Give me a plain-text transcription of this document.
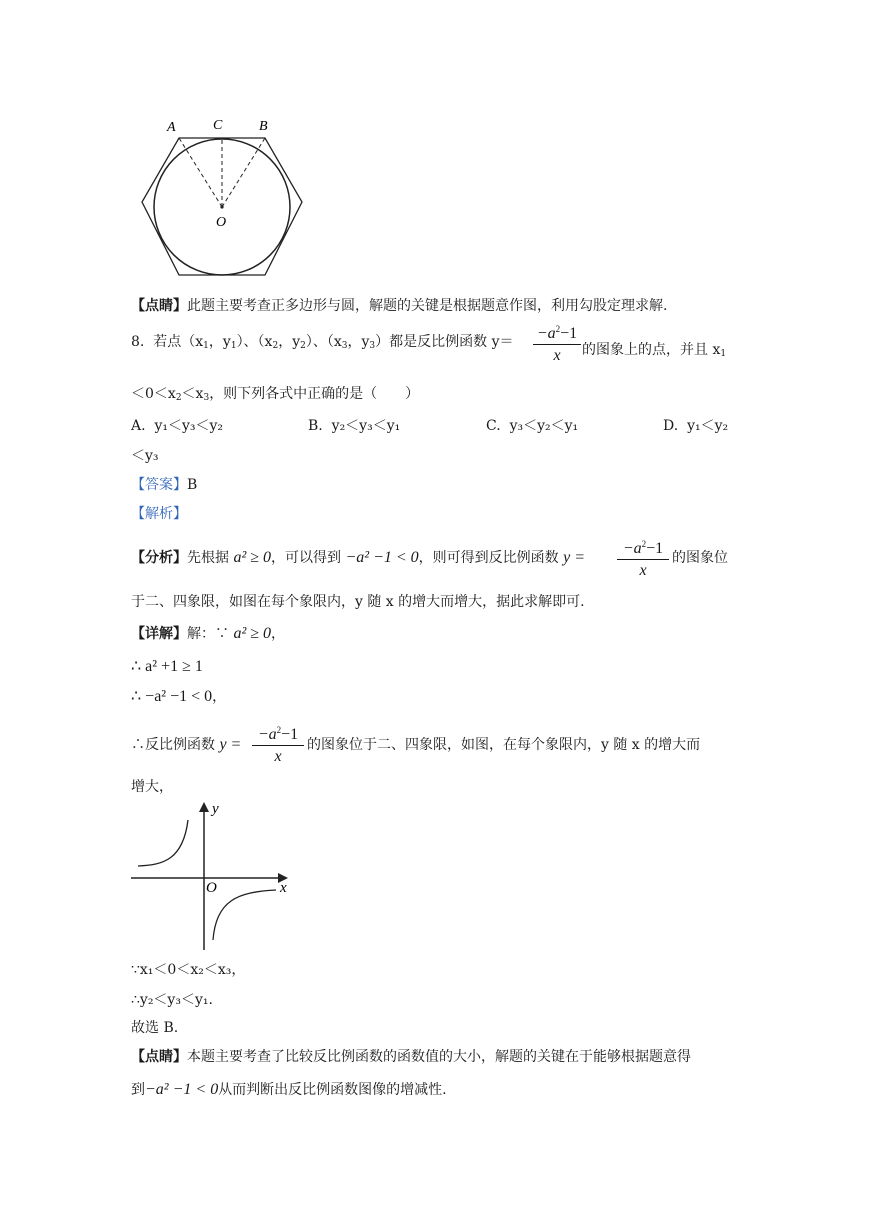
A	C	B
O
【点睛】此题主要考查正多边形与圆，解题的关键是根据题意作图，利用勾股定理求解.
8. 若点（$x_1$，$y_1$）、（$x_2$，$y_2$）、（$x_3$，$y_3$）都是反比例函数 $y= -a^2-1$
x	的图象上的点，并且 $x_1$
$<0<x_2<x_3$，则下列各式中正确的是（　　）
A. y₁＜y₃＜y₂	B. y₂＜y₃＜y₁	C. y₃＜y₂＜y₁	D. y₁＜y₂
＜y₃
【答案】B
【解析】
【分析】先根据 a² ≥ 0，可以得到 −a² −1 < 0，则可得到反比例函数 y =
$-a^2-1$
x
的图象位
于二、四象限，如图在每个象限内，y 随 x 的增大而增大，据此求解即可.
【详解】解：∵ a² ≥ 0，
∴ a² +1 ≥ 1
∴ −a² −1 < 0，
∴反比例函数 y =
$-a^2-1$
x
的图象位于二、四象限，如图，在每个象限内，y 随 x 的增大而
增大，
y
x
O
∵x₁＜0＜x₂＜x₃，
∴y₂＜y₃＜y₁.
故选 B.
【点睛】本题主要考查了比较反比例函数的函数值的大小，解题的关键在于能够根据题意得
到−a² −1 < 0从而判断出反比例函数图像的增减性.
